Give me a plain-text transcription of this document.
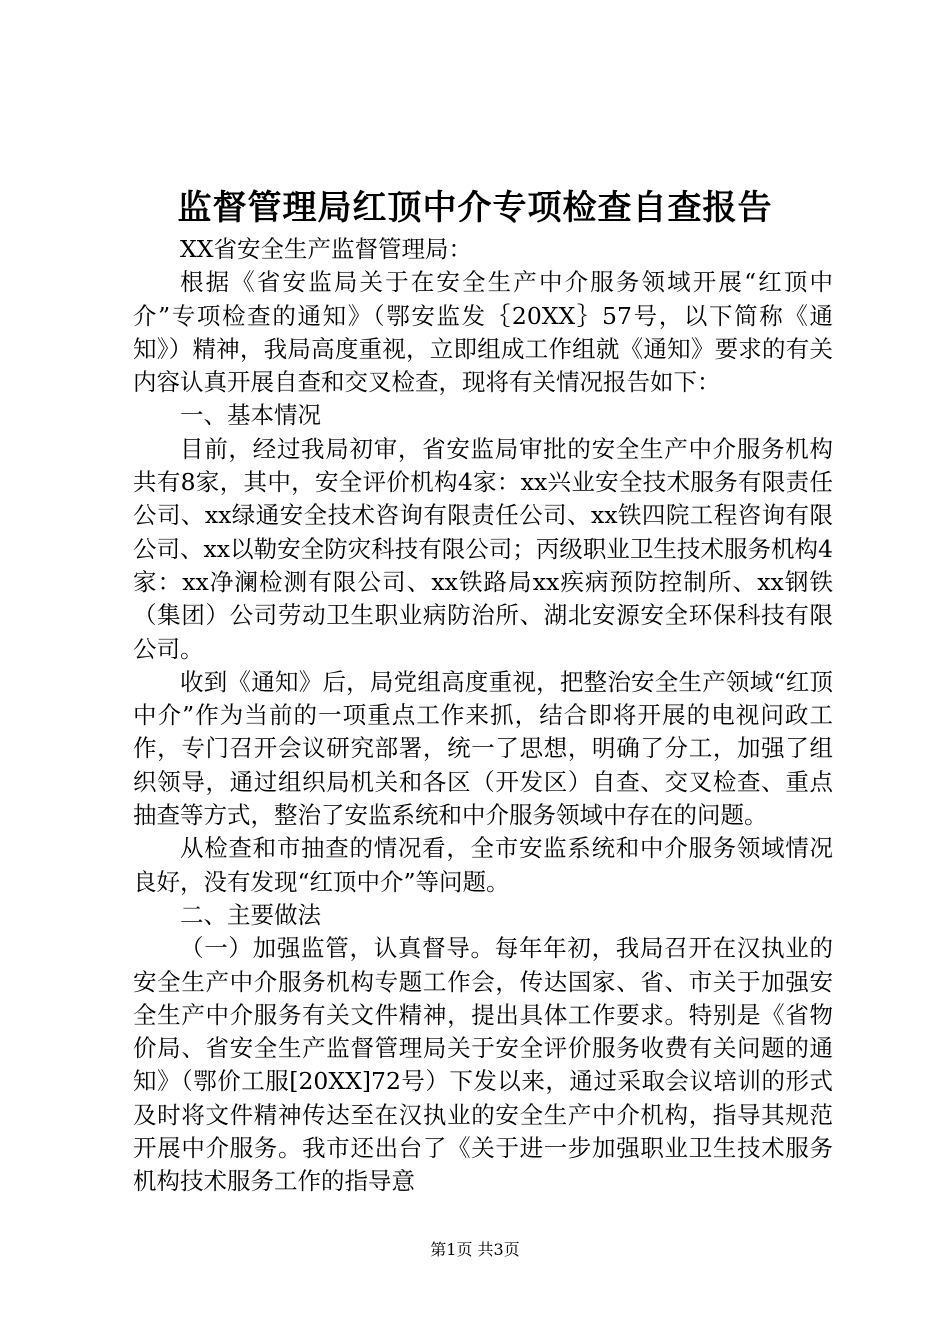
监督管理局红顶中介专项检查自查报告

XX省安全生产监督管理局：

根据《省安监局关于在安全生产中介服务领域开展“红顶中介”专项检查的通知》（鄂安监发｛20XX｝57号，以下简称《通知》）精神，我局高度重视，立即组成工作组就《通知》要求的有关内容认真开展自查和交叉检查，现将有关情况报告如下：

一、基本情况

目前，经过我局初审，省安监局审批的安全生产中介服务机构共有8家，其中，安全评价机构4家：xx兴业安全技术服务有限责任公司、xx绿通安全技术咨询有限责任公司、xx铁四院工程咨询有限公司、xx以勒安全防灾科技有限公司；丙级职业卫生技术服务机构4家：xx净澜检测有限公司、xx铁路局xx疾病预防控制所、xx钢铁（集团）公司劳动卫生职业病防治所、湖北安源安全环保科技有限公司。

收到《通知》后，局党组高度重视，把整治安全生产领域“红顶中介”作为当前的一项重点工作来抓，结合即将开展的电视问政工作，专门召开会议研究部署，统一了思想，明确了分工，加强了组织领导，通过组织局机关和各区（开发区）自查、交叉检查、重点抽查等方式，整治了安监系统和中介服务领域中存在的问题。

从检查和市抽查的情况看，全市安监系统和中介服务领域情况良好，没有发现“红顶中介”等问题。

二、主要做法

（一）加强监管，认真督导。每年年初，我局召开在汉执业的安全生产中介服务机构专题工作会，传达国家、省、市关于加强安全生产中介服务有关文件精神，提出具体工作要求。特别是《省物价局、省安全生产监督管理局关于安全评价服务收费有关问题的通知》（鄂价工服[20XX]72号）下发以来，通过采取会议培训的形式及时将文件精神传达至在汉执业的安全生产中介机构，指导其规范开展中介服务。我市还出台了《关于进一步加强职业卫生技术服务机构技术服务工作的指导意

第1页 共3页
